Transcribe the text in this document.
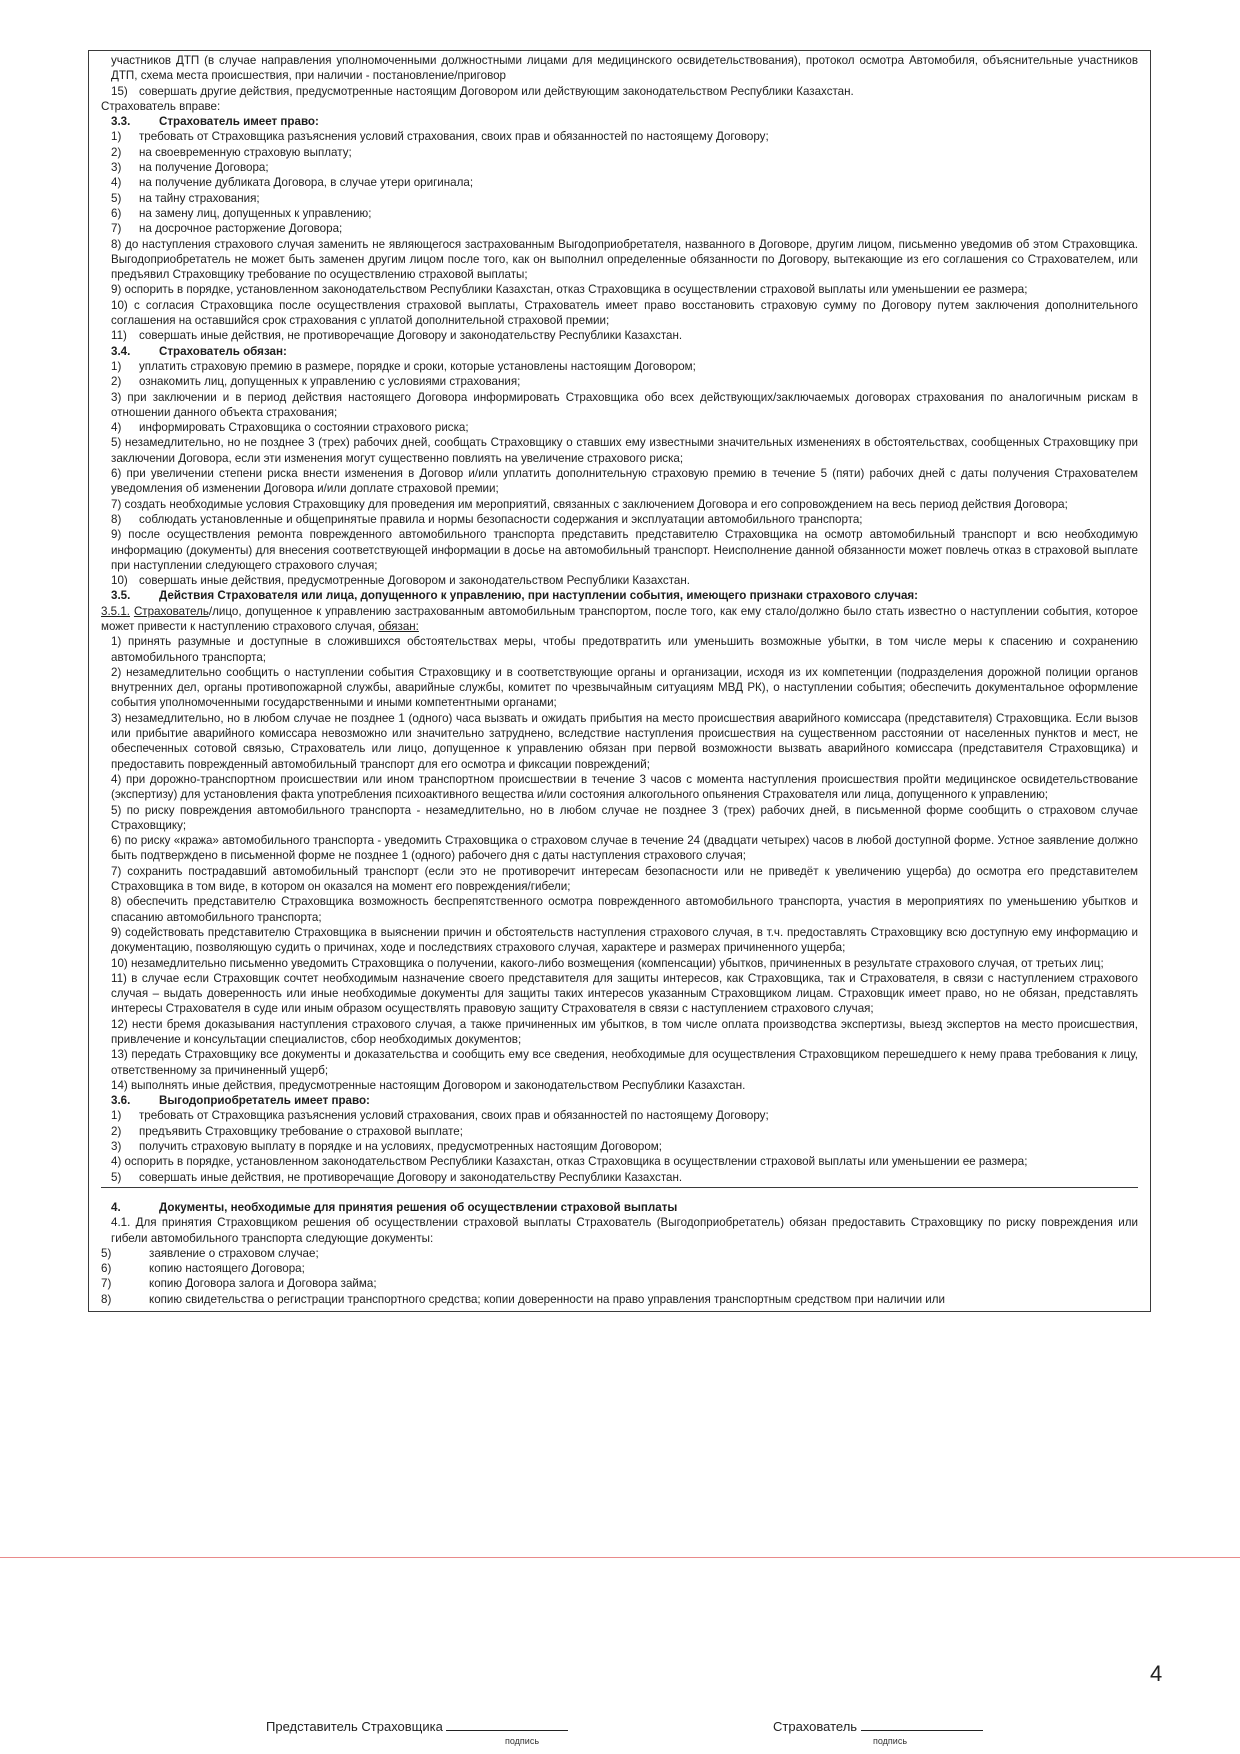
участников ДТП (в случае направления уполномоченными должностными лицами для медицинского освидетельствования), протокол осмотра Автомобиля, объяснительные участников ДТП, схема места происшествия, при наличии - постановление/приговор

15) совершать другие действия, предусмотренные настоящим Договором или действующим законодательством Республики Казахстан.

Страхователь вправе:

3.3.	Страхователь имеет право:
1)	требовать от Страховщика разъяснения условий страхования, своих прав и обязанностей по настоящему Договору;
2)	на своевременную страховую выплату;
3)	на получение Договора;
4)	на получение дубликата Договора, в случае утери оригинала;
5)	на тайну страхования;
6)	на замену лиц, допущенных к управлению;
7)	на досрочное расторжение Договора;

8) до наступления страхового случая заменить не являющегося застрахованным Выгодоприобретателя, названного в Договоре, другим лицом, письменно уведомив об этом Страховщика. Выгодоприобретатель не может быть заменен другим лицом после того, как он выполнил определенные обязанности по Договору, вытекающие из его соглашения со Страхователем, или предъявил Страховщику требование по осуществлению страховой выплаты;

9) оспорить в порядке, установленном законодательством Республики Казахстан, отказ Страховщика в осуществлении страховой выплаты или уменьшении ее размера;

10) с согласия Страховщика после осуществления страховой выплаты, Страхователь имеет право восстановить страховую сумму по Договору путем заключения дополнительного соглашения на оставшийся срок страхования с уплатой дополнительной страховой премии;

11)	совершать иные действия, не противоречащие Договору и законодательству Республики Казахстан.
3.4.	Страхователь обязан:
1)	уплатить страховую премию в размере, порядке и сроки, которые установлены настоящим Договором;
2)	ознакомить лиц, допущенных к управлению с условиями страхования;

3) при заключении и в период действия настоящего Договора информировать Страховщика обо всех действующих/заключаемых договорах страхования по аналогичным рискам в отношении данного объекта страхования;

4)	информировать Страховщика о состоянии страхового риска;

5) незамедлительно, но не позднее 3 (трех) рабочих дней, сообщать Страховщику о ставших ему известными значительных изменениях в обстоятельствах, сообщенных Страховщику при заключении Договора, если эти изменения могут существенно повлиять на увеличение страхового риска;

6) при увеличении степени риска внести изменения в Договор и/или уплатить дополнительную страховую премию в течение 5 (пяти) рабочих дней с даты получения Страхователем уведомления об изменении Договора и/или доплате страховой премии;

7) создать необходимые условия Страховщику для проведения им мероприятий, связанных с заключением Договора и его сопровождением на весь период действия Договора;

8)	соблюдать установленные и общепринятые правила и нормы безопасности содержания и эксплуатации автомобильного транспорта;

9) после осуществления ремонта поврежденного автомобильного транспорта представить представителю Страховщика на осмотр автомобильный транспорт и всю необходимую информацию (документы) для внесения соответствующей информации в досье на автомобильный транспорт. Неисполнение данной обязанности может повлечь отказ в страховой выплате при наступлении следующего страхового случая;

10) совершать иные действия, предусмотренные Договором и законодательством Республики Казахстан.
3.5.	Действия Страхователя или лица, допущенного к управлению, при наступлении события, имеющего признаки страхового случая:

3.5.1. Страхователь/лицо, допущенное к управлению застрахованным автомобильным транспортом, после того, как ему стало/должно было стать известно о наступлении события, которое может привести к наступлению страхового случая, обязан:

1) принять разумные и доступные в сложившихся обстоятельствах меры, чтобы предотвратить или уменьшить возможные убытки, в том числе меры к спасению и сохранению автомобильного транспорта;

2) незамедлительно сообщить о наступлении события Страховщику и в соответствующие органы и организации, исходя из их компетенции (подразделения дорожной полиции органов внутренних дел, органы противопожарной службы, аварийные службы, комитет по чрезвычайным ситуациям МВД РК), о наступлении события; обеспечить документальное оформление события уполномоченными государственными и иными компетентными органами;

3) незамедлительно, но в любом случае не позднее 1 (одного) часа вызвать и ожидать прибытия на место происшествия аварийного комиссара (представителя) Страховщика. Если вызов или прибытие аварийного комиссара невозможно или значительно затруднено, вследствие наступления происшествия на существенном расстоянии от населенных пунктов и мест, не обеспеченных сотовой связью, Страхователь или лицо, допущенное к управлению обязан при первой возможности вызвать аварийного комиссара (представителя Страховщика) и предоставить поврежденный автомобильный транспорт для его осмотра и фиксации повреждений;

4) при дорожно-транспортном происшествии или ином транспортном происшествии в течение 3 часов с момента наступления происшествия пройти медицинское освидетельствование (экспертизу) для установления факта употребления психоактивного вещества и/или состояния алкогольного опьянения Страхователя или лица, допущенного к управлению;

5) по риску повреждения автомобильного транспорта - незамедлительно, но в любом случае не позднее 3 (трех) рабочих дней, в письменной форме сообщить о страховом случае Страховщику;

6) по риску «кража» автомобильного транспорта - уведомить Страховщика о страховом случае в течение 24 (двадцати четырех) часов в любой доступной форме. Устное заявление должно быть подтверждено в письменной форме не позднее 1 (одного) рабочего дня с даты наступления страхового случая;

7) сохранить пострадавший автомобильный транспорт (если это не противоречит интересам безопасности или не приведёт к увеличению ущерба) до осмотра его представителем Страховщика в том виде, в котором он оказался на момент его повреждения/гибели;

8) обеспечить представителю Страховщика возможность беспрепятственного осмотра поврежденного автомобильного транспорта, участия в мероприятиях по уменьшению убытков и спасанию автомобильного транспорта;

9) содействовать представителю Страховщика в выяснении причин и обстоятельств наступления страхового случая, в т.ч. предоставлять Страховщику всю доступную ему информацию и документацию, позволяющую судить о причинах, ходе и последствиях страхового случая, характере и размерах причиненного ущерба;

10) незамедлительно письменно уведомить Страховщика о получении, какого-либо возмещения (компенсации) убытков, причиненных в результате страхового случая, от третьих лиц;

11) в случае если Страховщик сочтет необходимым назначение своего представителя для защиты интересов, как Страховщика, так и Страхователя, в связи с наступлением страхового случая – выдать доверенность или иные необходимые документы для защиты таких интересов указанным Страховщиком лицам. Страховщик имеет право, но не обязан, представлять интересы Страхователя в суде или иным образом осуществлять правовую защиту Страхователя в связи с наступлением страхового случая;

12) нести бремя доказывания наступления страхового случая, а также причиненных им убытков, в том числе оплата производства экспертизы, выезд экспертов на место происшествия, привлечение и консультации специалистов, сбор необходимых документов;

13) передать Страховщику все документы и доказательства и сообщить ему все сведения, необходимые для осуществления Страховщиком перешедшего к нему права требования к лицу, ответственному за причиненный ущерб;

14) выполнять иные действия, предусмотренные настоящим Договором и законодательством Республики Казахстан.

3.6.	Выгодоприобретатель имеет право:
1)	требовать от Страховщика разъяснения условий страхования, своих прав и обязанностей по настоящему Договору;
2)	предъявить Страховщику требование о страховой выплате;
3)	получить страховую выплату в порядке и на условиях, предусмотренных настоящим Договором;

4) оспорить в порядке, установленном законодательством Республики Казахстан, отказ Страховщика в осуществлении страховой выплаты или уменьшении ее размера;

5)	совершать иные действия, не противоречащие Договору и законодательству Республики Казахстан.
4.	Документы, необходимые для принятия решения об осуществлении страховой выплаты

4.1. Для принятия Страховщиком решения об осуществлении страховой выплаты Страхователь (Выгодоприобретатель) обязан предоставить Страховщику по риску повреждения или гибели автомобильного транспорта следующие документы:

5)	заявление о страховом случае;
6)	копию настоящего Договора;
7)	копию Договора залога и Договора займа;
8)	копию свидетельства о регистрации транспортного средства; копии доверенности на право управления транспортным средством при наличии или
4
Представитель Страховщика
подпись
Страхователь
подпись
